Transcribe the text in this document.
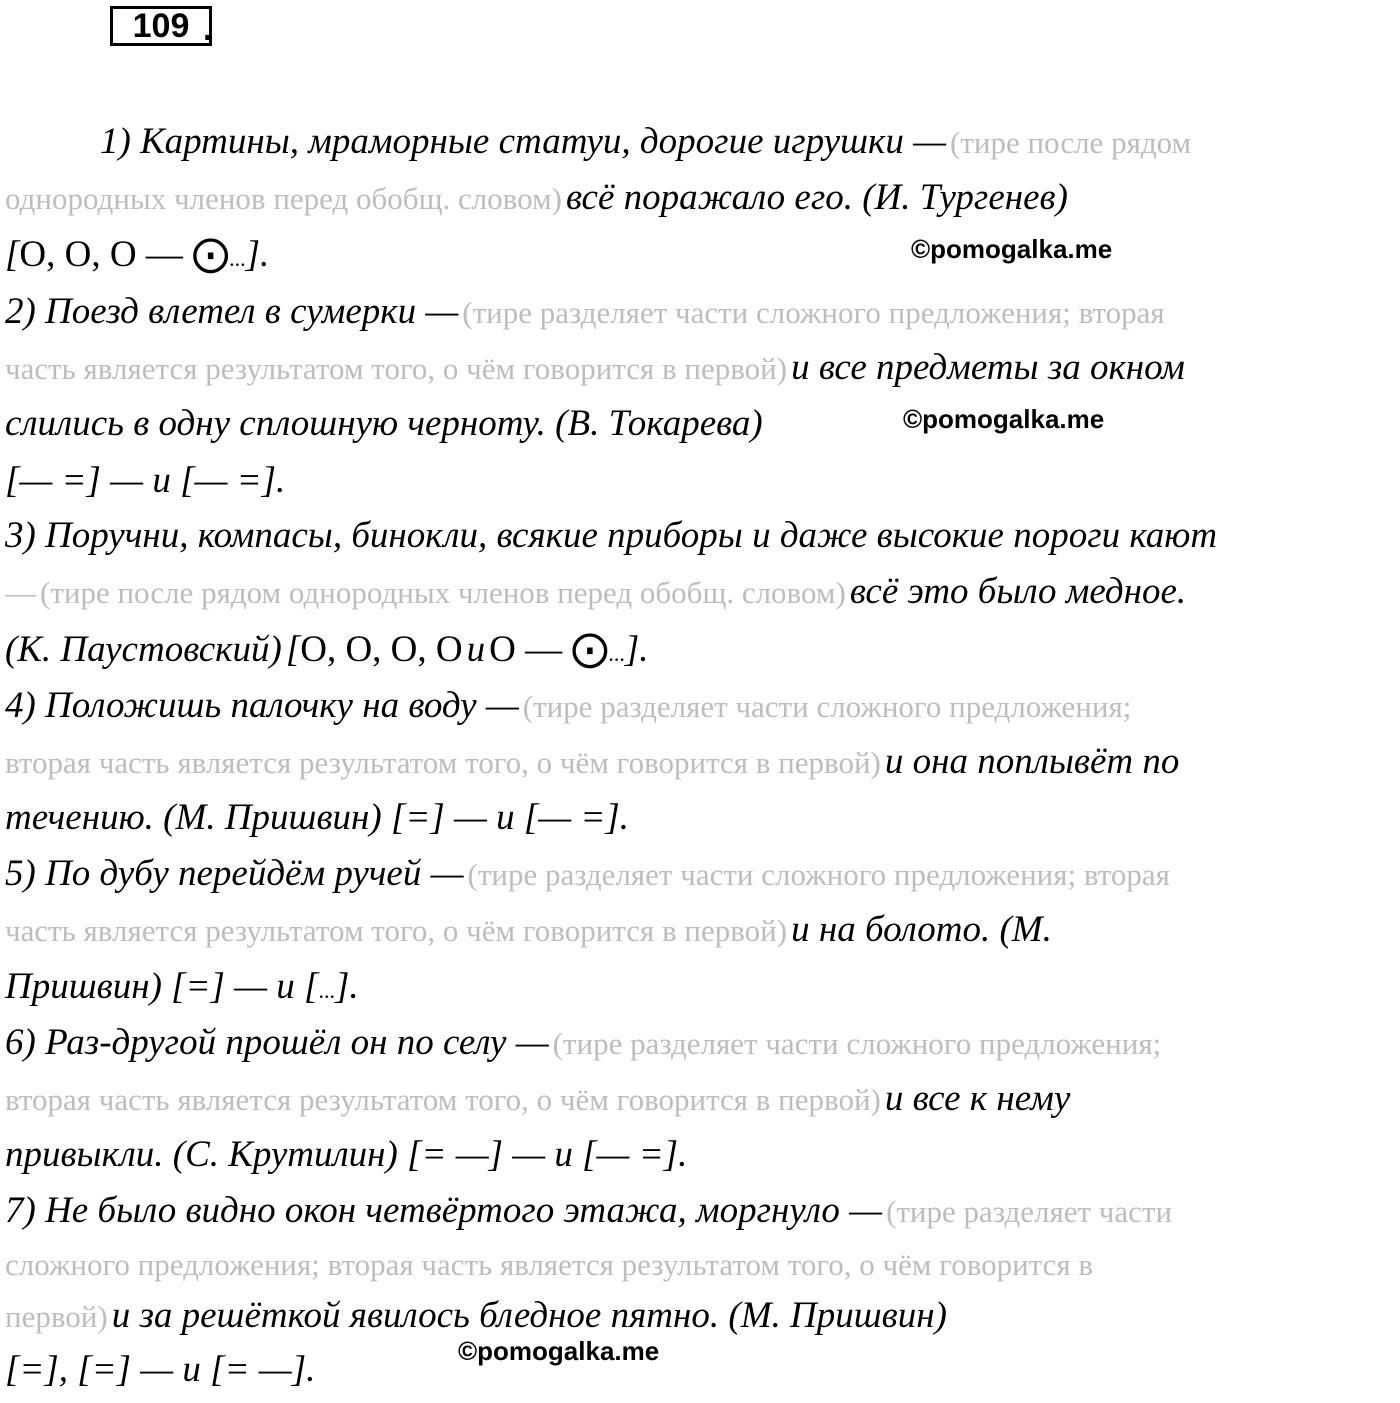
109 .
1) Картины, мраморные статуи, дорогие игрушки — (тире после рядом
однородных членов перед обобщ. словом) всё поражало его. (И. Тургенев)
[О, О, О — ⨀...].	©pomogalka.me
2) Поезд влетел в сумерки — (тире разделяет части сложного предложения; вторая
часть является результатом того, о чём говорится в первой) и все предметы за окном
слились в одну сплошную черноту. (В. Токарева)	©pomogalka.me
[— =] — и [— =].
3) Поручни, компасы, бинокли, всякие приборы и даже высокие пороги кают
— (тире после рядом однородных членов перед обобщ. словом) всё это было медное.
(К. Паустовский) [О, О, О, О и О — ⨀...].
4) Положишь палочку на воду — (тире разделяет части сложного предложения;
вторая часть является результатом того, о чём говорится в первой) и она поплывёт по
течению. (М. Пришвин) [=] — и [— =].
5) По дубу перейдём ручей — (тире разделяет части сложного предложения; вторая
часть является результатом того, о чём говорится в первой) и на болото. (М.
Пришвин) [=] — и [...].
6) Раз-другой прошёл он по селу — (тире разделяет части сложного предложения;
вторая часть является результатом того, о чём говорится в первой) и все к нему
привыкли. (С. Крутилин) [= —] — и [— =].
7) Не было видно окон четвёртого этажа, моргнуло — (тире разделяет части
сложного предложения; вторая часть является результатом того, о чём говорится в
первой) и за решёткой явилось бледное пятно. (М. Пришвин)
[=], [=] — и [= —].	©pomogalka.me
